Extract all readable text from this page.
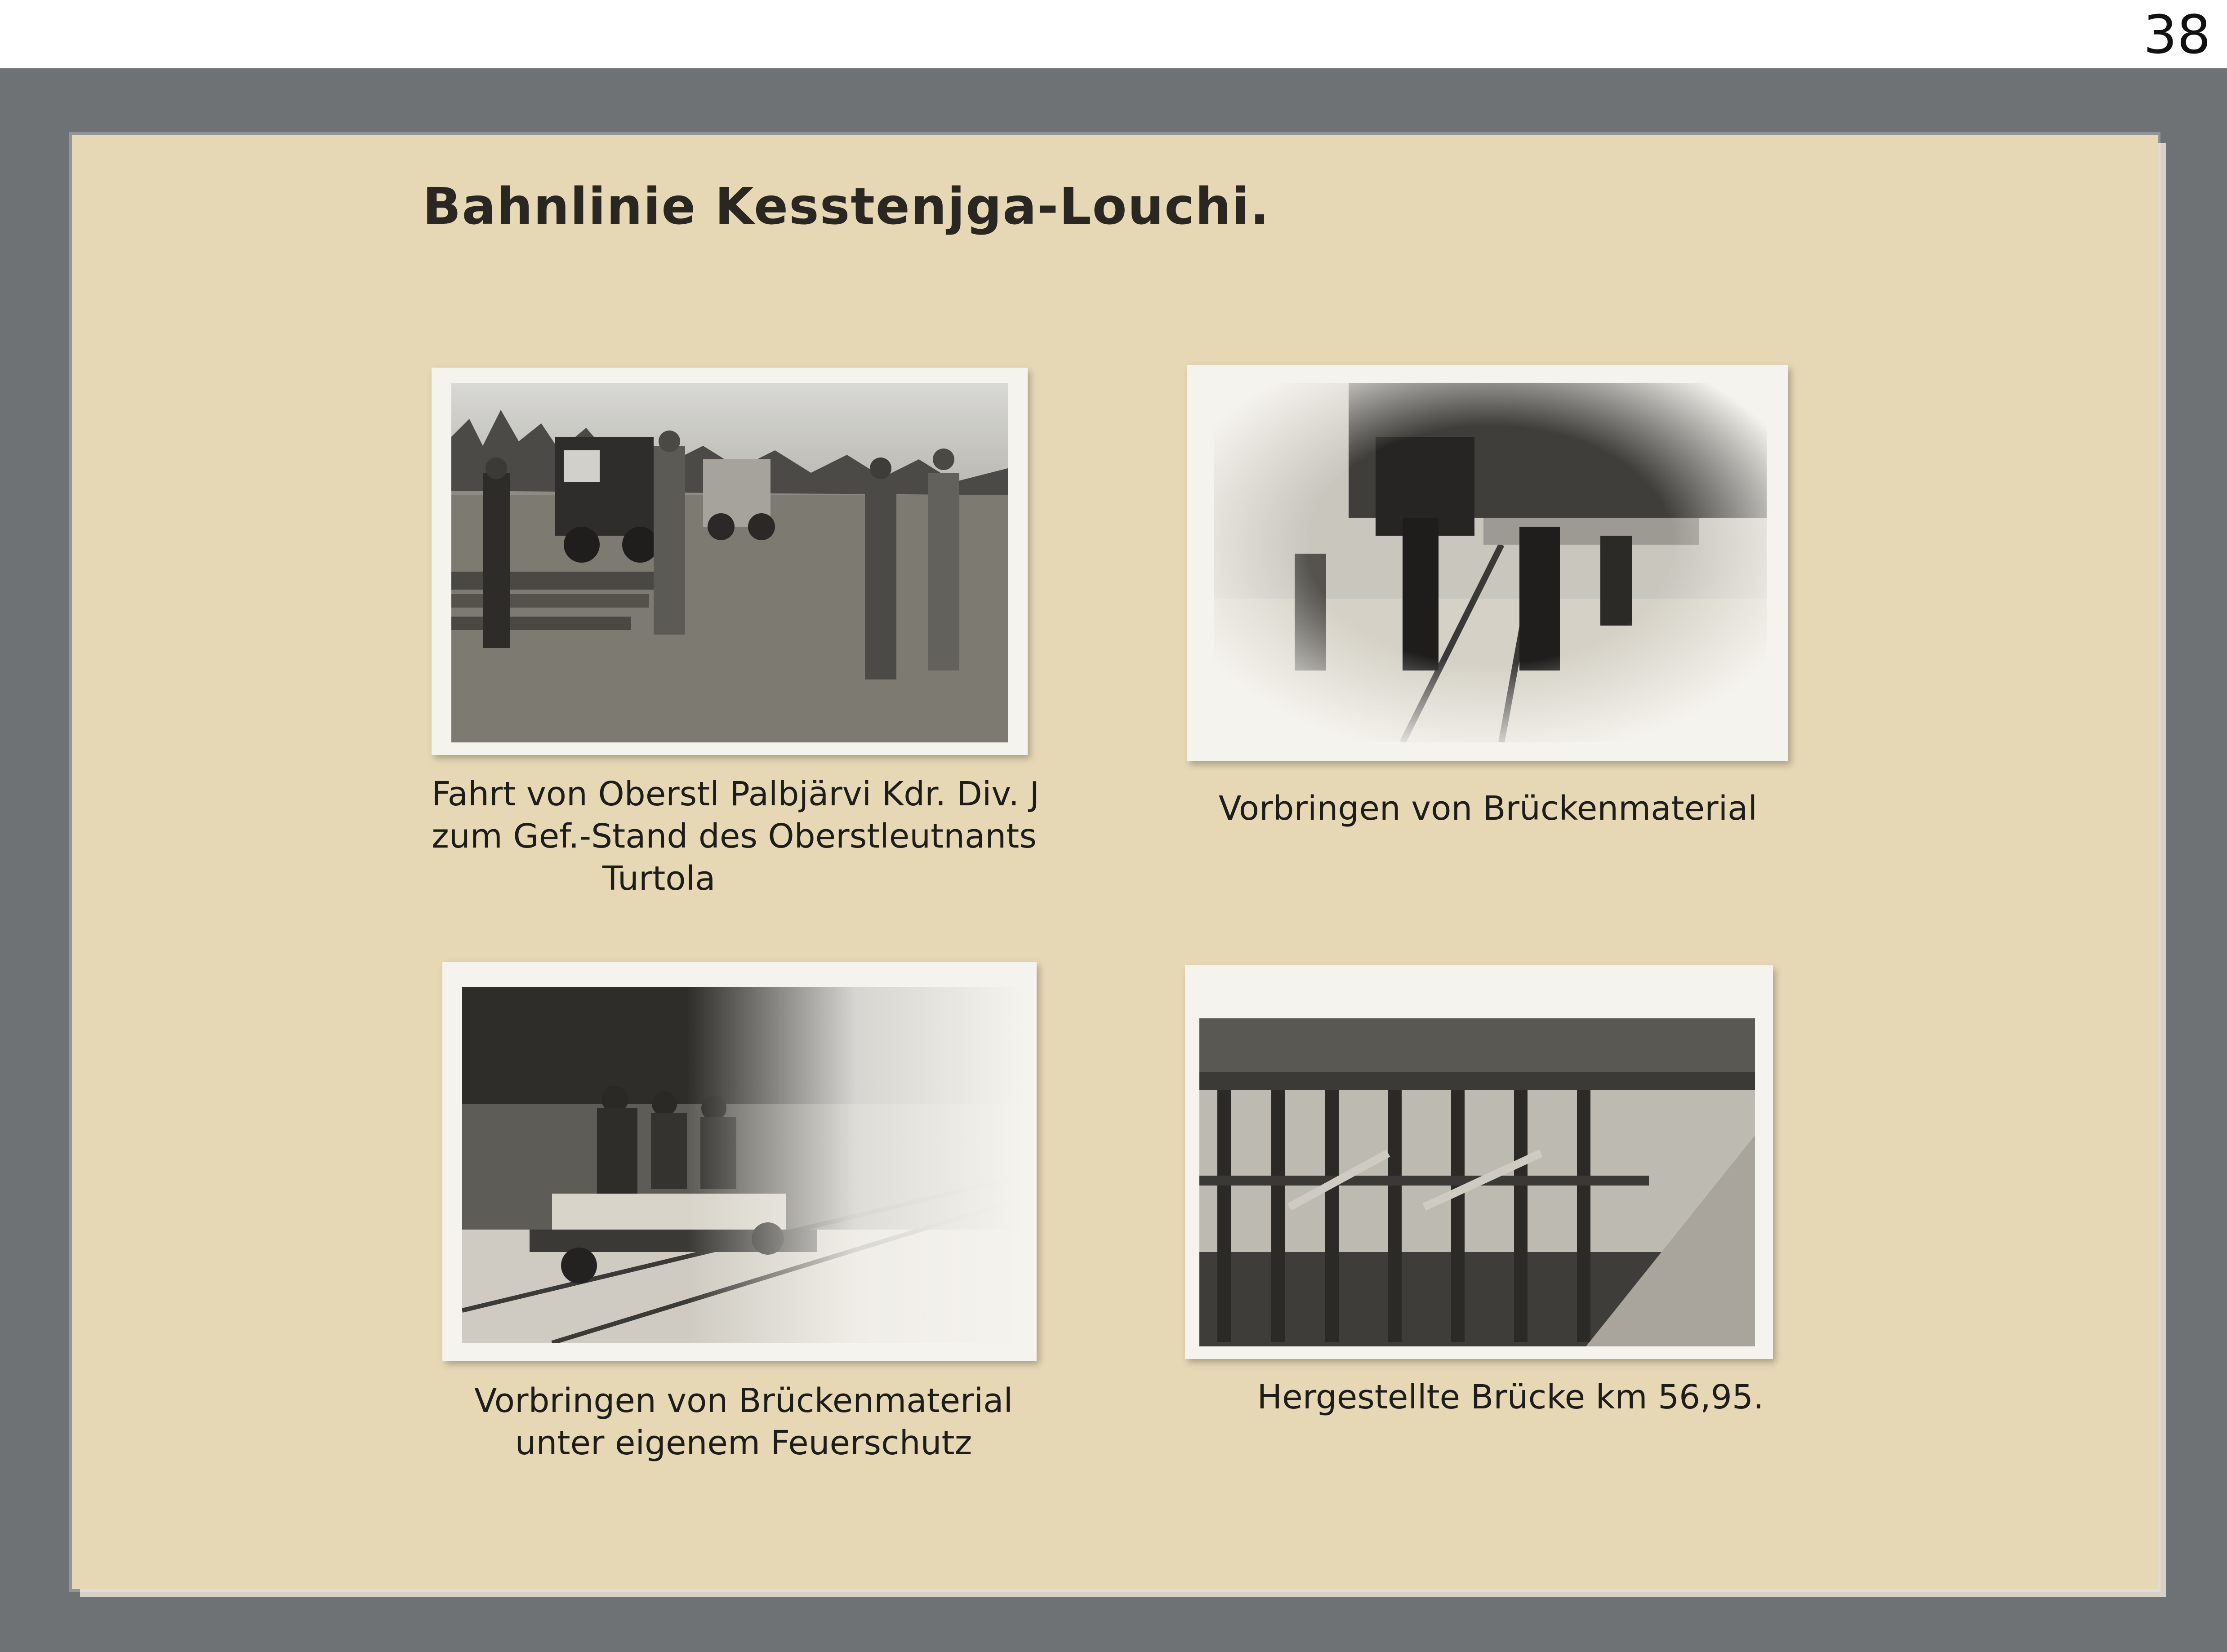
38
Bahnlinie Kesstenjga-Louchi.
Fahrt von Oberstl Palbjärvi Kdr. Div. J
zum Gef.-Stand des Oberstleutnants
Turtola
Vorbringen von Brückenmaterial
Vorbringen von Brückenmaterial
unter eigenem Feuerschutz
Hergestellte Brücke km 56,95.
